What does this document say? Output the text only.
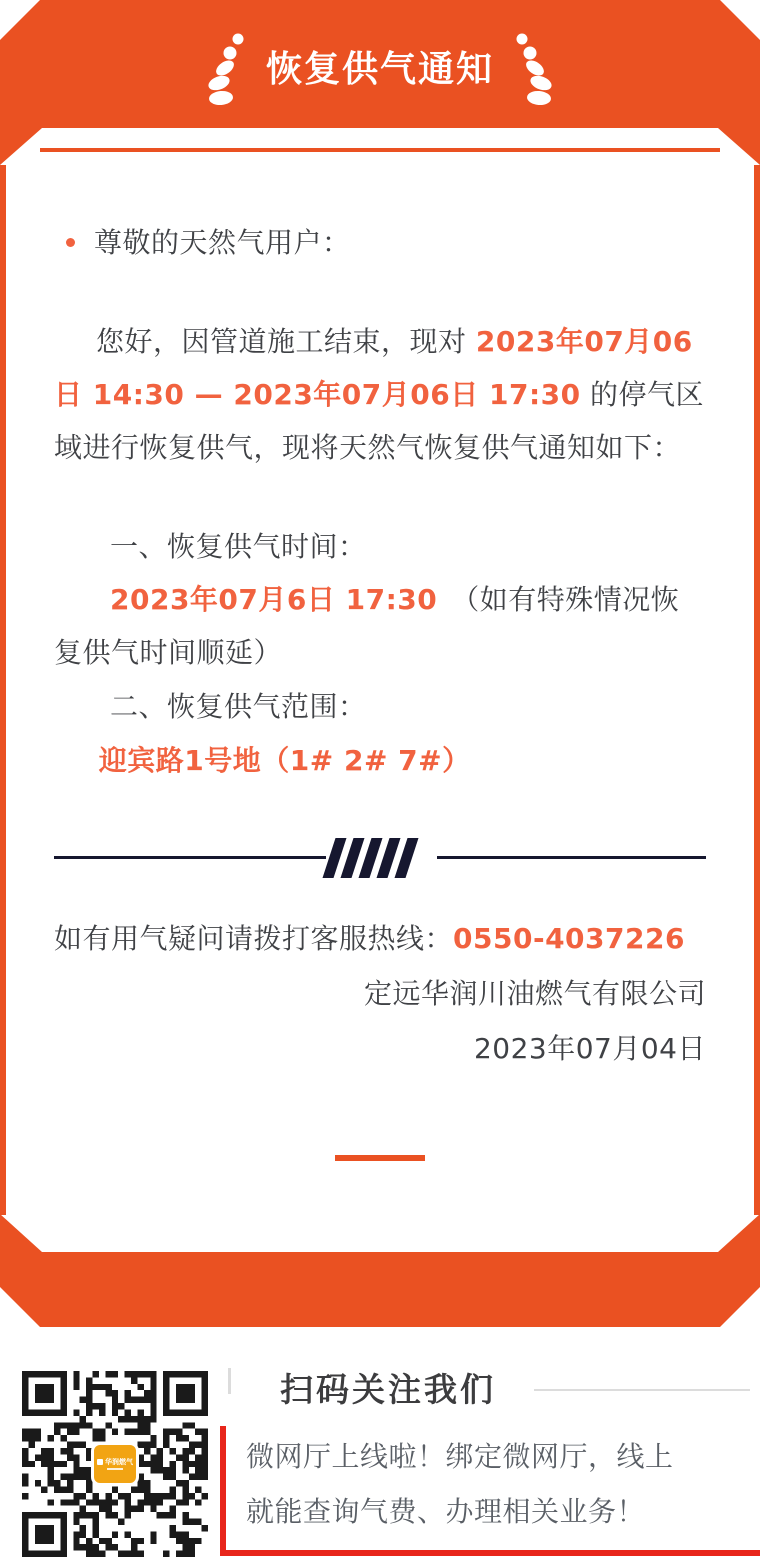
恢复供气通知
尊敬的天然气用户：
您好，因管道施工结束，现对 2023年07月06日 14:30 — 2023年07月06日 17:30 的停气区域进行恢复供气，现将天然气恢复供气通知如下：
一、恢复供气时间：
2023年07月6日 17:30 （如有特殊情况恢复供气时间顺延）
二、恢复供气范围：
迎宾路1号地（1# 2# 7#）
如有用气疑问请拨打客服热线：0550-4037226
定远华润川油燃气有限公司
2023年07月04日
华润燃气
扫码关注我们
微网厅上线啦！绑定微网厅，线上
就能查询气费、办理相关业务！
